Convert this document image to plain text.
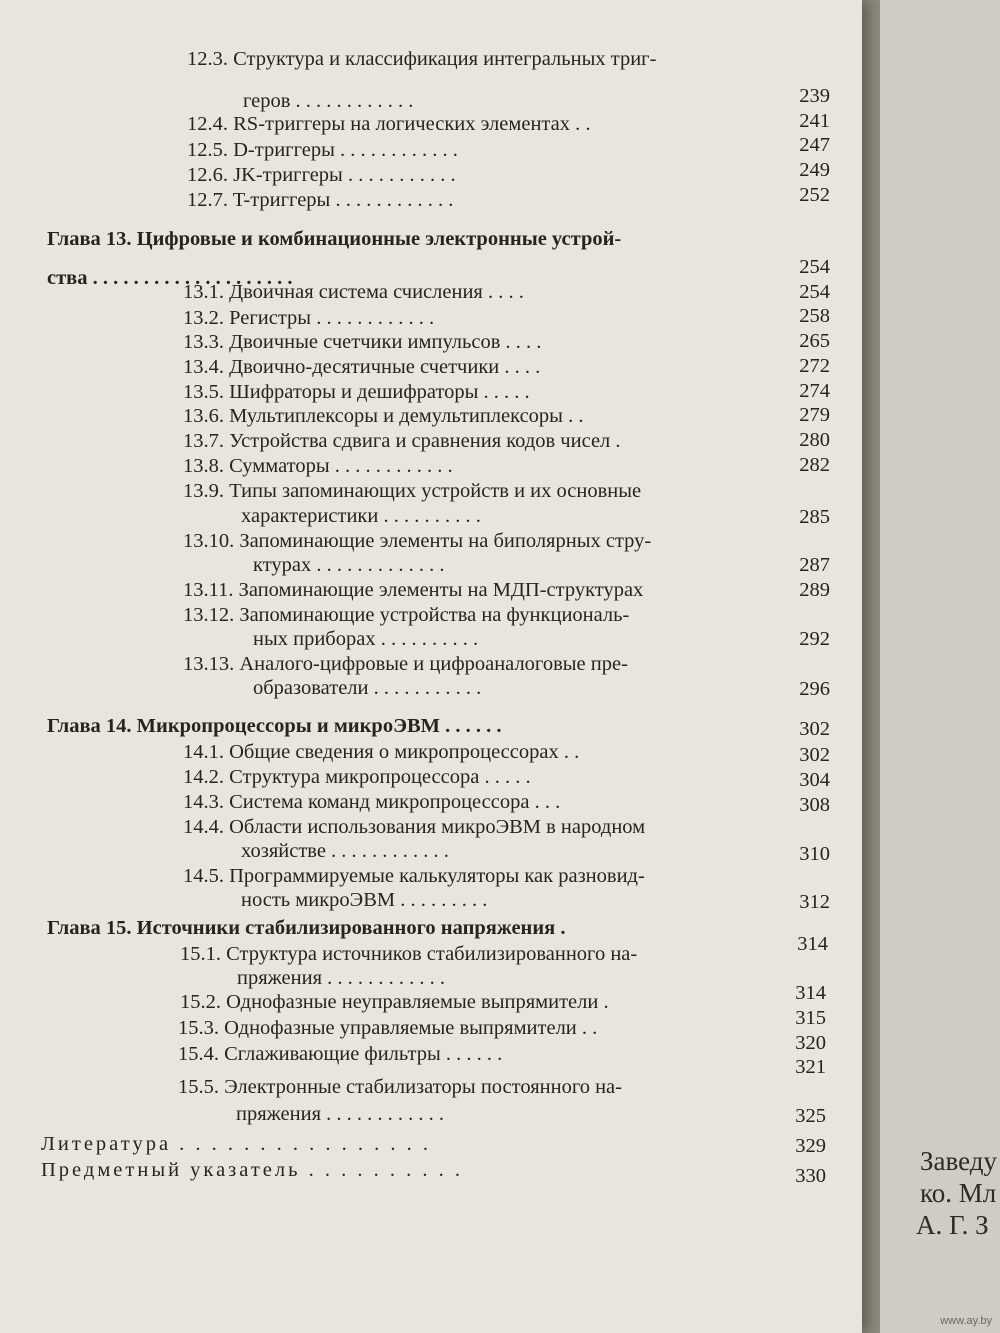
12.3. Структура и классификация интегральных триг-
геров . . . . . . . . . . . .
12.4. RS-триггеры на логических элементах . .
12.5. D-триггеры . . . . . . . . . . . .
12.6. JK-триггеры . . . . . . . . . . .
12.7. T-триггеры . . . . . . . . . . . .
Глава 13. Цифровые и комбинационные электронные устрой-
ства . . . . . . . . . . . . . . . . . . . .
13.1. Двоичная система счисления . . . .
13.2. Регистры . . . . . . . . . . . .
13.3. Двоичные счетчики импульсов . . . .
13.4. Двоично-десятичные счетчики . . . .
13.5. Шифраторы и дешифраторы . . . . .
13.6. Мультиплексоры и демультиплексоры . .
13.7. Устройства сдвига и сравнения кодов чисел .
13.8. Сумматоры . . . . . . . . . . . .
13.9. Типы запоминающих устройств и их основные
характеристики . . . . . . . . . .
13.10. Запоминающие элементы на биполярных стру-
ктурах . . . . . . . . . . . . .
13.11. Запоминающие элементы на МДП-структурах
13.12. Запоминающие устройства на функциональ-
ных приборах . . . . . . . . . .
13.13. Аналого-цифровые и цифроаналоговые пре-
образователи . . . . . . . . . . .
Глава 14. Микропроцессоры и микроЭВМ . . . . . .
14.1. Общие сведения о микропроцессорах . .
14.2. Структура микропроцессора . . . . .
14.3. Система команд микропроцессора . . .
14.4. Области использования микроЭВМ в народном
хозяйстве . . . . . . . . . . . .
14.5. Программируемые калькуляторы как разновид-
ность микроЭВМ . . . . . . . . .
Глава 15. Источники стабилизированного напряжения .
15.1. Структура источников стабилизированного на-
пряжения . . . . . . . . . . . .
15.2. Однофазные неуправляемые выпрямители .
15.3. Однофазные управляемые выпрямители . .
15.4. Сглаживающие фильтры . . . . . .
15.5. Электронные стабилизаторы постоянного на-
пряжения . . . . . . . . . . . .
Литература . . . . . . . . . . . . . . . .
Предметный указатель . . . . . . . . . .
239
241
247
249
252
254
254
258
265
272
274
279
280
282
285
287
289
292
296
302
302
304
308
310
312
314
314
315
320
321
325
329
330	Заведу
ко. Мл
А. Г. З
www.ay.by
